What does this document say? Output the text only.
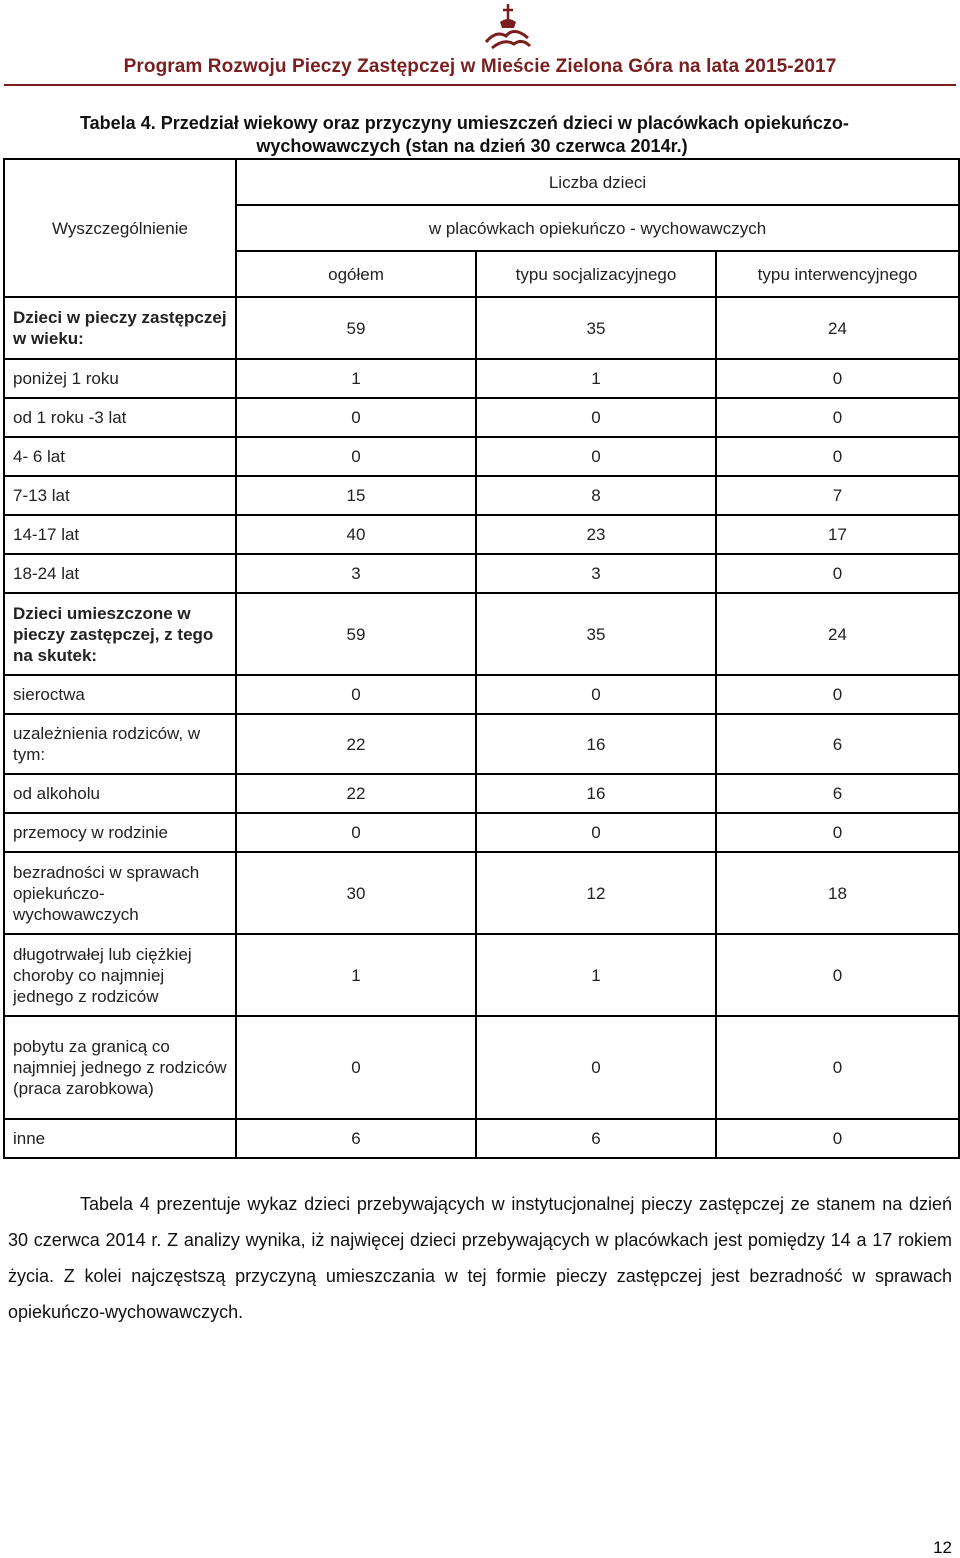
Program Rozwoju Pieczy Zastępczej w Mieście Zielona Góra na lata 2015-2017
Tabela 4. Przedział wiekowy oraz przyczyny umieszczeń dzieci w placówkach opiekuńczo-
wychowawczych (stan na dzień 30 czerwca 2014r.)
Wyszczególnienie	Liczba dzieci		
	w placówkach opiekuńczo - wychowawczych		
	ogółem	typu socjalizacyjnego	typu interwencyjnego
Dzieci w pieczy zastępczej w wieku:	59	35	24
poniżej 1 roku	1	1	0
od 1 roku -3 lat	0	0	0
4- 6 lat	0	0	0
7-13 lat	15	8	7
14-17 lat	40	23	17
18-24 lat	3	3	0
Dzieci umieszczone w pieczy zastępczej, z tego na skutek:	59	35	24
sieroctwa	0	0	0
uzależnienia rodziców, w tym:	22	16	6
od alkoholu	22	16	6
przemocy w rodzinie	0	0	0
bezradności w sprawach opiekuńczo-wychowawczych	30	12	18
długotrwałej lub ciężkiej choroby co najmniej jednego z rodziców	1	1	0
pobytu za granicą co najmniej jednego z rodziców (praca zarobkowa)	0	0	0
inne	6	6	0
Tabela 4 prezentuje wykaz dzieci przebywających w instytucjonalnej pieczy zastępczej ze stanem na dzień 30 czerwca 2014 r. Z analizy wynika, iż najwięcej dzieci przebywających w placówkach jest pomiędzy 14 a 17 rokiem życia. Z kolei najczęstszą przyczyną umieszczania w tej formie pieczy zastępczej jest bezradność w sprawach opiekuńczo-wychowawczych.
12
